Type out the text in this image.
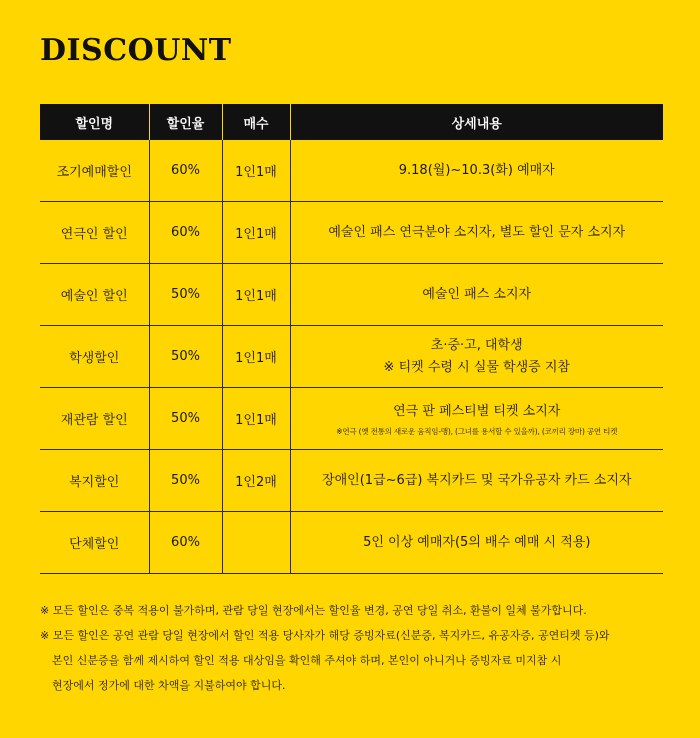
DISCOUNT
할인명	할인율	매수	상세내용
조기예매할인	60%	1인1매	9.18(월)~10.3(화) 예매자

연극인 할인	60%	1인1매	예술인 패스 연극분야 소지자, 별도 할인 문자 소지자

예술인 할인	50%	1인1매	예술인 패스 소지자

학생할인	50%	1인1매	초·중·고, 대학생
※ 티켓 수령 시 실물 학생증 지참

재관람 할인	50%	1인1매	연극 판 페스티벌 티켓 소지자
※연극 (옛 전통의 새로운 움직임-맹), (그녀를 용서할 수 있을까), (코끼리 장마) 공연 티켓

복지할인	50%	1인2매	장애인(1급~6급) 복지카드 및 국가유공자 카드 소지자

단체할인	60%		5인 이상 예매자(5의 배수 예매 시 적용)
※ 모든 할인은 중복 적용이 불가하며, 관람 당일 현장에서는 할인율 변경, 공연 당일 취소, 환불이 일체 불가합니다.
※ 모든 할인은 공연 관람 당일 현장에서 할인 적용 당사자가 해당 증빙자료(신분증, 복지카드, 유공자증, 공연티켓 등)와
본인 신분증을 함께 제시하여 할인 적용 대상임을 확인해 주셔야 하며, 본인이 아니거나 증빙자료 미지참 시
현장에서 정가에 대한 차액을 지불하여야 합니다.
